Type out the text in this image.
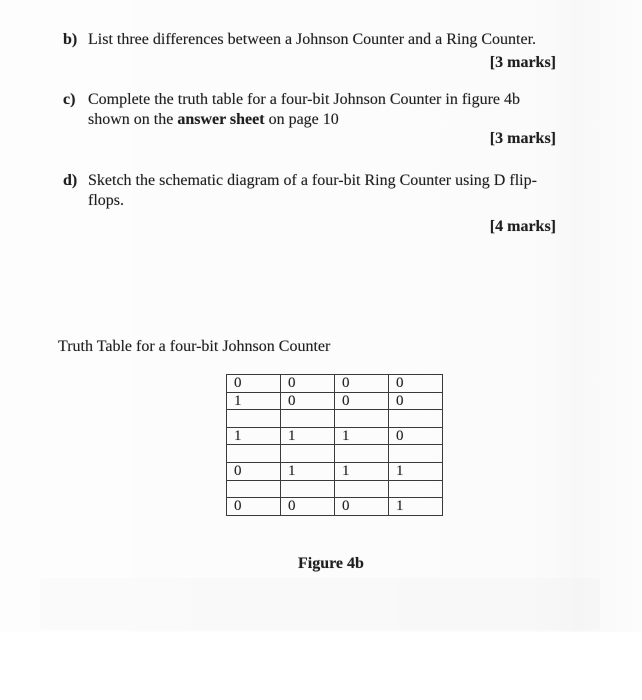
b) List three differences between a Johnson Counter and a Ring Counter.
[3 marks]
c) Complete the truth table for a four-bit Johnson Counter in figure 4b
shown on the answer sheet on page 10
[3 marks]
d) Sketch the schematic diagram of a four-bit Ring Counter using D flip-
flops.
[4 marks]
Truth Table for a four-bit Johnson Counter
0	0	0	0
1	0	0	0

1	1	1	0

0	1	1	1

0	0	0	1
Figure 4b
